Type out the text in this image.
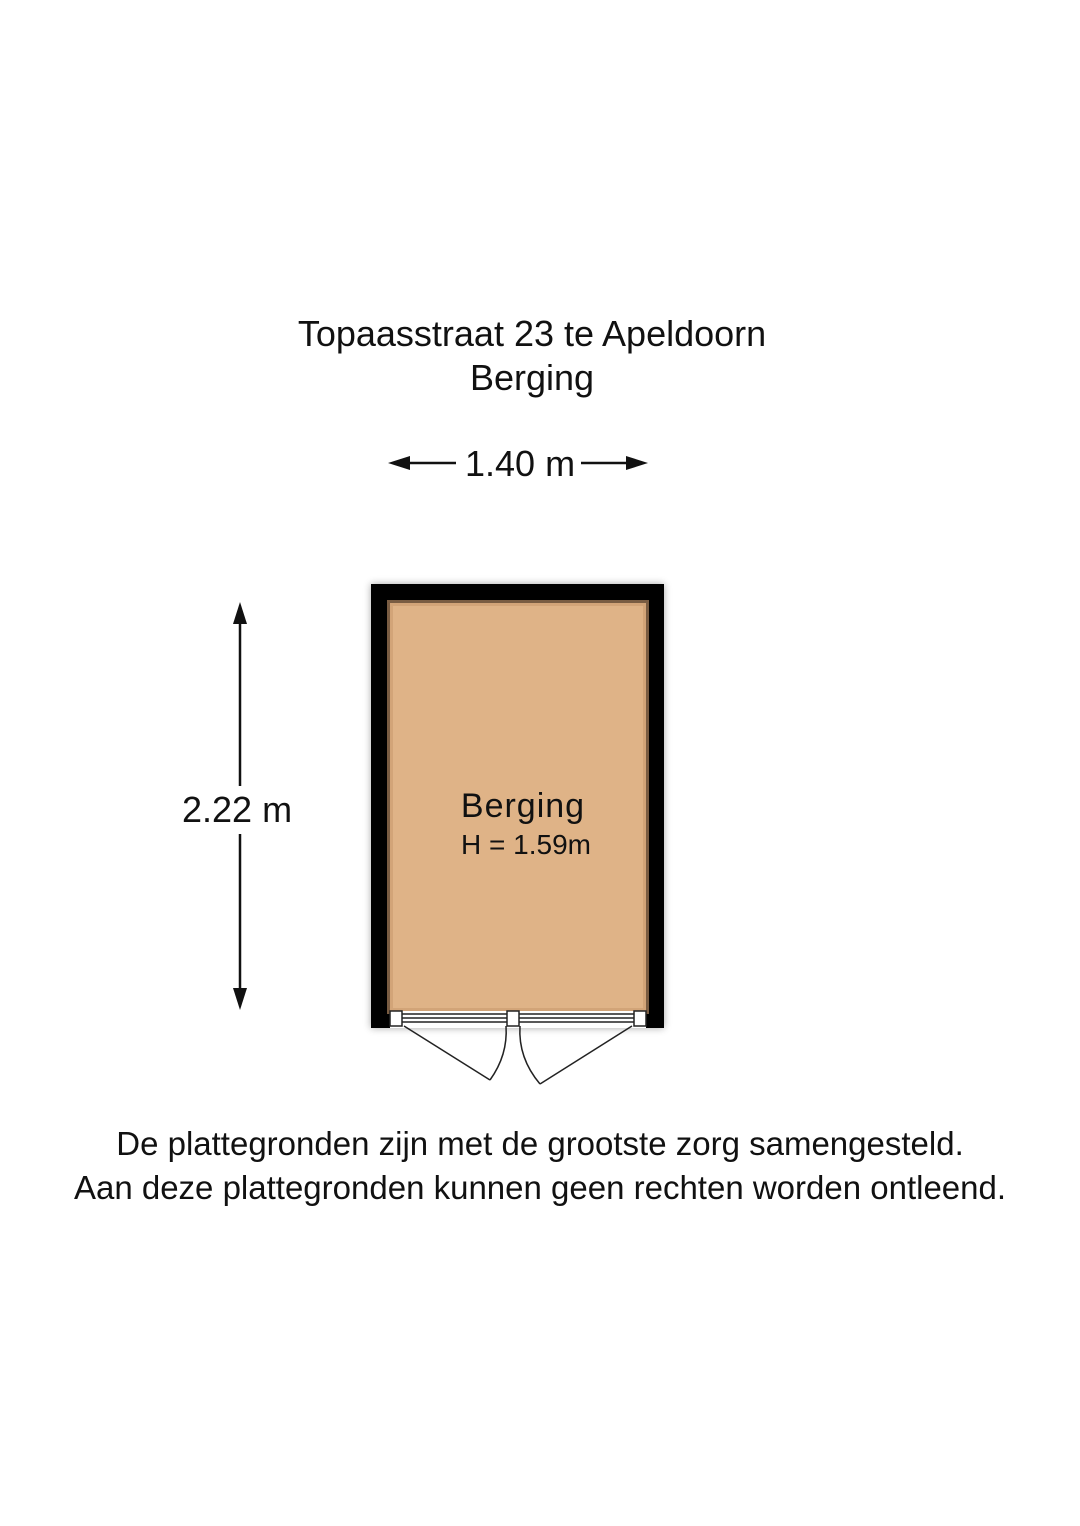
Topaasstraat 23 te Apeldoorn
Berging
1.40 m
2.22 m	Berging
H = 1.59m
De plattegronden zijn met de grootste zorg samengesteld.
Aan deze plattegronden kunnen geen rechten worden ontleend.
